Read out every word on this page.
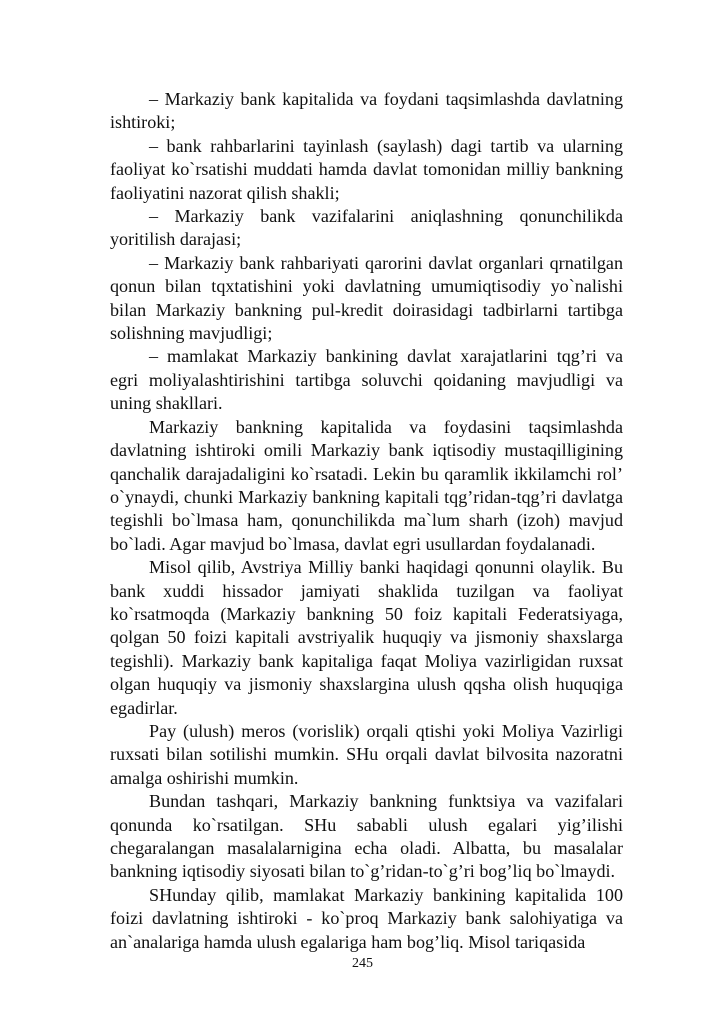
– Markaziy bank kapitalida va foydani taqsimlashda davlatning ishtiroki;

– bank rahbarlarini tayinlash (saylash) dagi tartib va ularning faoliyat ko`rsatishi muddati hamda davlat tomonidan milliy bankning faoliyatini nazorat qilish shakli;

– Markaziy bank vazifalarini aniqlashning qonunchilikda yoritilish darajasi;

– Markaziy bank rahbariyati qarorini davlat organlari qrnatilgan qonun bilan tqxtatishini yoki davlatning umumiqtisodiy yo`nalishi bilan Markaziy bankning pul-kredit doirasidagi tadbirlarni tartibga solishning mavjudligi;

– mamlakat Markaziy bankining davlat xarajatlarini tqg’ri va egri moliyalashtirishini tartibga soluvchi qoidaning mavjudligi va uning shakllari.

Markaziy bankning kapitalida va foydasini taqsimlashda davlatning ishtiroki omili Markaziy bank iqtisodiy mustaqilligining qanchalik darajadaligini ko`rsatadi. Lekin bu qaramlik ikkilamchi rol’ o`ynaydi, chunki Markaziy bankning kapitali tqg’ridan-tqg’ri davlatga tegishli bo`lmasa ham, qonunchilikda ma`lum sharh (izoh) mavjud bo`ladi. Agar mavjud bo`lmasa, davlat egri usullardan foydalanadi.

Misol qilib, Avstriya Milliy banki haqidagi qonunni olaylik. Bu bank xuddi hissador jamiyati shaklida tuzilgan va faoliyat ko`rsatmoqda (Markaziy bankning 50 foiz kapitali Federatsiyaga, qolgan 50 foizi kapitali avstriyalik huquqiy va jismoniy shaxslarga tegishli). Markaziy bank kapitaliga faqat Moliya vazirligidan ruxsat olgan huquqiy va jismoniy shaxslargina ulush qqsha olish huquqiga egadirlar.

Pay (ulush) meros (vorislik) orqali qtishi yoki Moliya Vazirligi ruxsati bilan sotilishi mumkin. SHu orqali davlat bilvosita nazoratni amalga oshirishi mumkin.

Bundan tashqari, Markaziy bankning funktsiya va vazifalari qonunda ko`rsatilgan. SHu sababli ulush egalari yig’ilishi chegaralangan masalalarnigina echa oladi. Albatta, bu masalalar bankning iqtisodiy siyosati bilan to`g’ridan-to`g’ri bog’liq bo`lmaydi.

SHunday qilib, mamlakat Markaziy bankining kapitalida 100 foizi davlatning ishtiroki - ko`proq Markaziy bank salohiyatiga va an`analariga hamda ulush egalariga ham bog’liq. Misol tariqasida

245
